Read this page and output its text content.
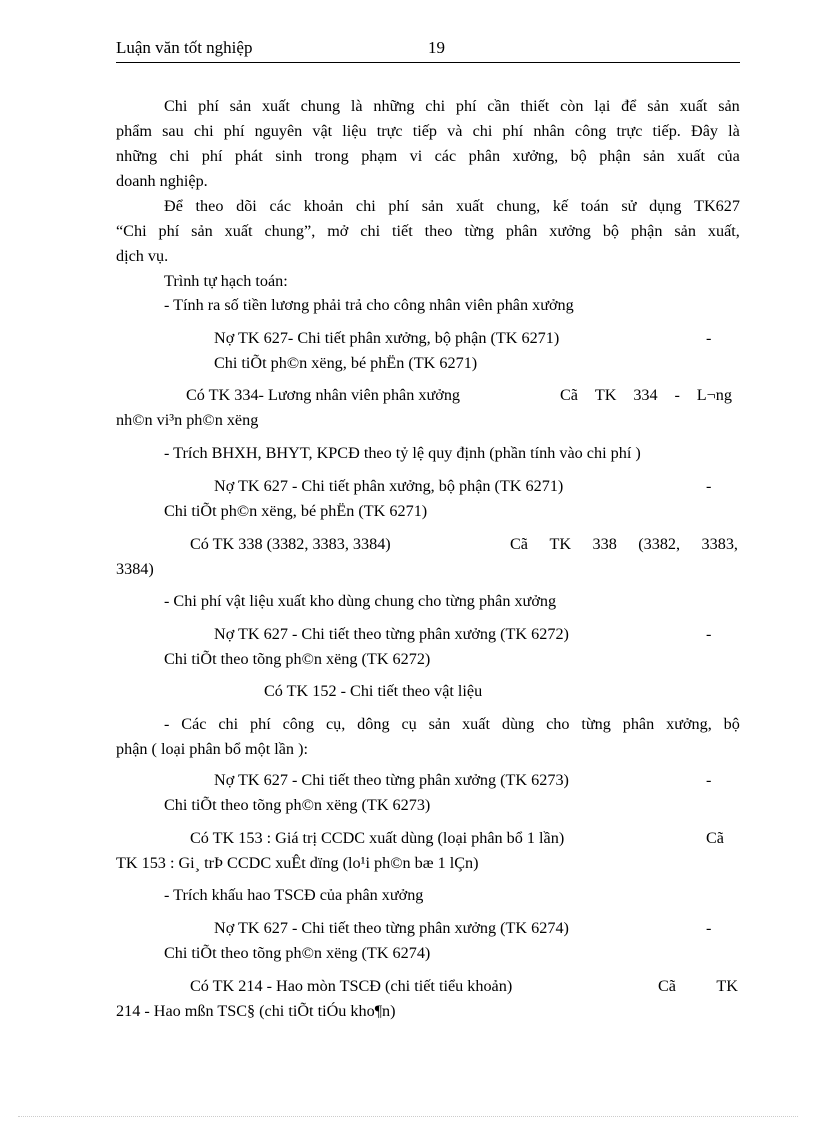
Luận văn tốt nghiệp	19
Chi phí sản xuất chung là những chi phí cần thiết còn lại để sản xuất sản
phẩm sau chi phí nguyên vật liệu trực tiếp và chi phí nhân công trực tiếp. Đây là
những chi phí phát sinh trong phạm vi các phân xưởng, bộ phận sản xuất của
doanh nghiệp.
Để theo dõi các khoản chi phí sản xuất chung, kế toán sử dụng TK627
“Chi phí sản xuất chung”, mở chi tiết theo từng phân xưởng bộ phận sản xuất,
dịch vụ.
Trình tự hạch toán:
- Tính ra số tiền lương phải trả cho công nhân viên phân xưởng
Nợ TK 627- Chi tiết phân xưởng, bộ phận (TK 6271)	-
Chi tiÕt ph©n xëng, bé phËn (TK 6271)
Có TK 334- Lương nhân viên phân xưởng	Cã TK 334 - L¬ng
nh©n vi³n ph©n xëng
- Trích BHXH, BHYT, KPCĐ theo tỷ lệ quy định (phần tính vào chi phí )
Nợ TK 627 - Chi tiết phân xưởng, bộ phận (TK 6271)	-
Chi tiÕt ph©n xëng, bé phËn (TK 6271)
Có TK 338 (3382, 3383, 3384)	Cã TK 338 (3382, 3383,
3384)
- Chi phí vật liệu xuất kho dùng chung cho từng phân xưởng
Nợ TK 627 - Chi tiết theo từng phân xưởng (TK 6272)	-
Chi tiÕt theo tõng ph©n xëng (TK 6272)
Có TK 152 - Chi tiết theo vật liệu
- Các chi phí công cụ, dông cụ sản xuất dùng cho từng phân xưởng, bộ
phận ( loại phân bổ một lần ):
Nợ TK 627 - Chi tiết theo từng phân xưởng (TK 6273)	-
Chi tiÕt theo tõng ph©n xëng (TK 6273)
Có TK 153 : Giá trị CCDC xuất dùng (loại phân bổ 1 lần)	Cã
TK 153 : Gi¸ trÞ CCDC xuÊt dïng (lo¹i ph©n bæ 1 lÇn)
- Trích khấu hao TSCĐ của phân xưởng
Nợ TK 627 - Chi tiết theo từng phân xưởng (TK 6274)	-
Chi tiÕt theo tõng ph©n xëng (TK 6274)
Có TK 214 - Hao mòn TSCĐ (chi tiết tiểu khoản)	Cã TK
214 - Hao mßn TSC§ (chi tiÕt tiÓu kho¶n)
